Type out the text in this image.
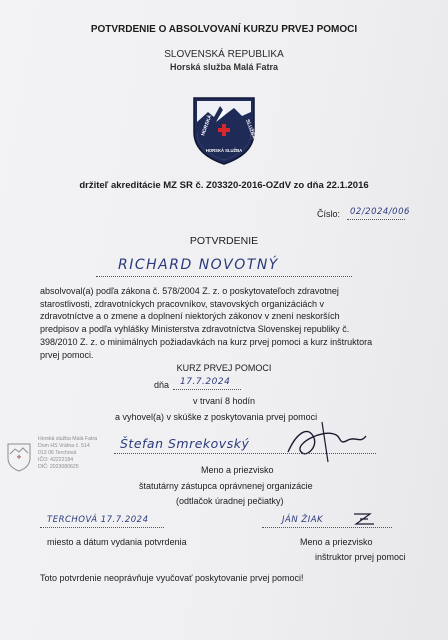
POTVRDENIE O ABSOLVOVANÍ KURZU PRVEJ POMOCI
SLOVENSKÁ REPUBLIKA
Horská služba Malá Fatra
HORSKÁ	SLUŽBA
HORSKÁ SLUŽBA
držiteľ akreditácie MZ SR č. Z03320-2016-OZdV zo dňa 22.1.2016
Číslo: 02/2024/006
POTVRDENIE
RICHARD NOVOTNÝ
absolvoval(a) podľa zákona č. 578/2004 Z. z. o poskytovateľoch zdravotnej
starostlivosti, zdravotníckych pracovníkov, stavovských organizáciách v
zdravotníctve a o zmene a doplnení niektorých zákonov v znení neskorších
predpisov a podľa vyhlášky Ministerstva zdravotníctva Slovenskej republiky č.
398/2010 Z. z. o minimálnych požiadavkách na kurz prvej pomoci a kurz inštruktora
prvej pomoci.
KURZ PRVEJ POMOCI
dňa 17.7.2024
v trvaní 8 hodín
a vyhovel(a) v skúške z poskytovania prvej pomoci
Horská služba Malá Fatra
Dom HS Vrátna č. 514
013 06 Terchová
IČO: 42222184
DIČ: 2023080625
Štefan Smrekovský
Meno a priezvisko
štatutárny zástupca oprávnenej organizácie
(odtlačok úradnej pečiatky)
TERCHOVÁ 17.7.2024
miesto a dátum vydania potvrdenia
JÁN ŽIAK
Meno a priezvisko
inštruktor prvej pomoci
Toto potvrdenie neoprávňuje vyučovať poskytovanie prvej pomoci!
